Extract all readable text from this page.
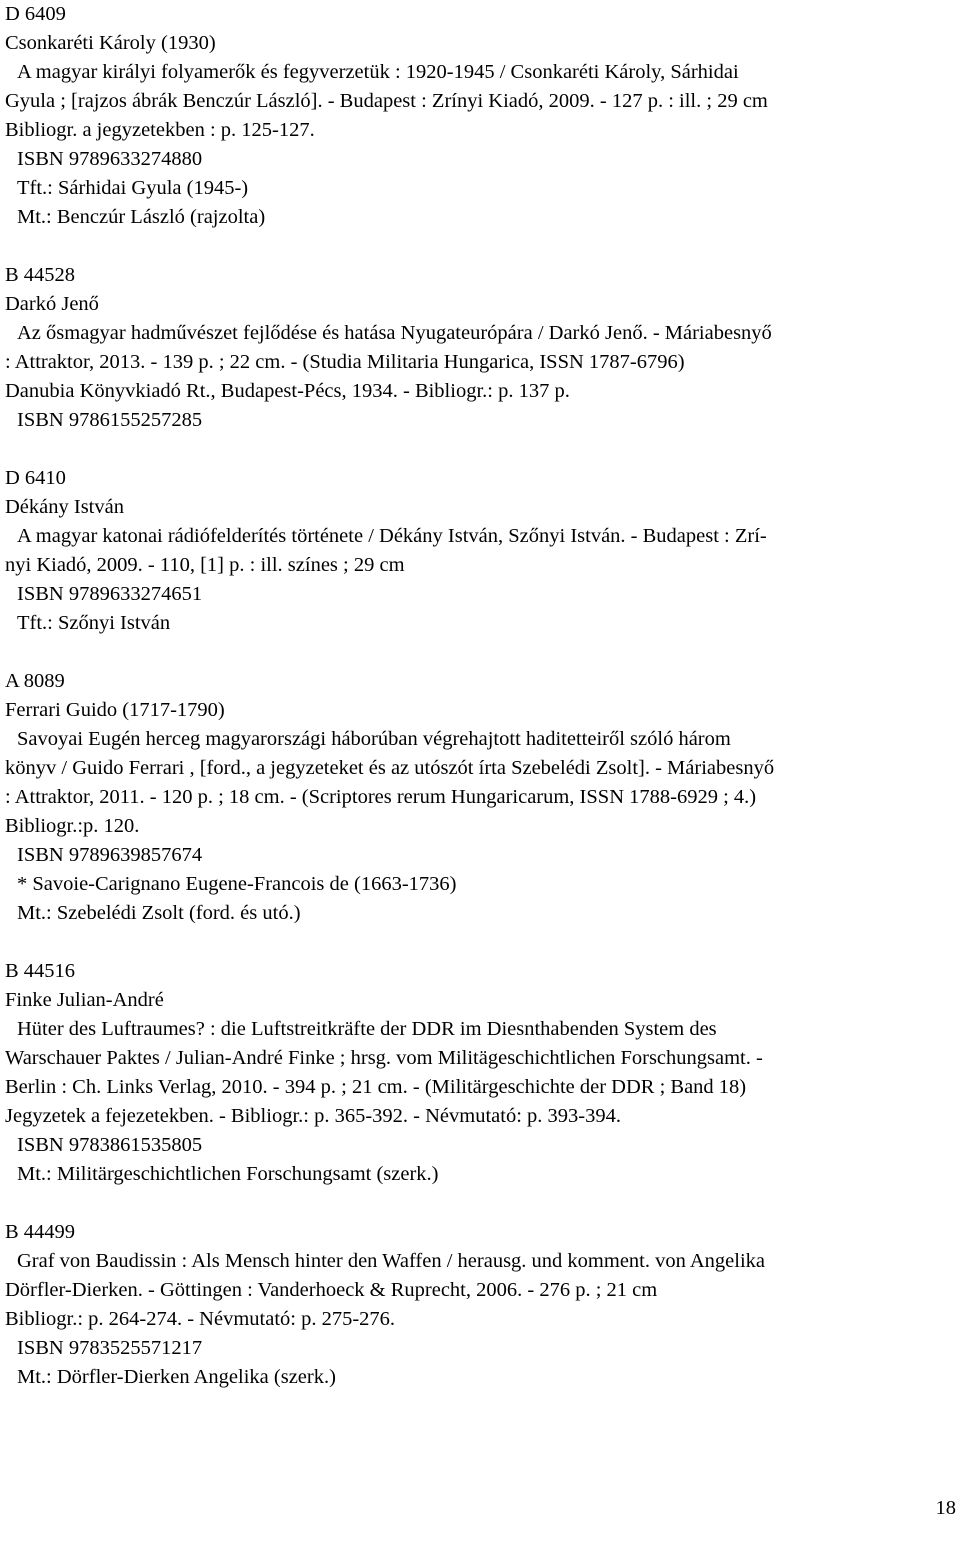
D 6409
Csonkaréti Károly (1930)
A magyar királyi folyamerők és fegyverzetük : 1920-1945 / Csonkaréti Károly, Sárhidai
Gyula ; [rajzos ábrák Benczúr László]. - Budapest : Zrínyi Kiadó, 2009. - 127 p. : ill. ; 29 cm
Bibliogr. a jegyzetekben : p. 125-127.
ISBN 9789633274880
Tft.: Sárhidai Gyula (1945-)
Mt.: Benczúr László (rajzolta)
B 44528
Darkó Jenő
Az ősmagyar hadművészet fejlődése és hatása Nyugateurópára / Darkó Jenő. - Máriabesnyő
: Attraktor, 2013. - 139 p. ; 22 cm. - (Studia Militaria Hungarica, ISSN 1787-6796)
Danubia Könyvkiadó Rt., Budapest-Pécs, 1934. - Bibliogr.: p. 137 p.
ISBN 9786155257285
D 6410
Dékány István
A magyar katonai rádiófelderítés története / Dékány István, Szőnyi István. - Budapest : Zrí-
nyi Kiadó, 2009. - 110, [1] p. : ill. színes ; 29 cm
ISBN 9789633274651
Tft.: Szőnyi István
A 8089
Ferrari Guido (1717-1790)
Savoyai Eugén herceg magyarországi háborúban végrehajtott haditetteiről szóló három
könyv / Guido Ferrari , [ford., a jegyzeteket és az utószót írta Szebelédi Zsolt]. - Máriabesnyő
: Attraktor, 2011. - 120 p. ; 18 cm. - (Scriptores rerum Hungaricarum, ISSN 1788-6929 ; 4.)
Bibliogr.:p. 120.
ISBN 9789639857674
* Savoie-Carignano Eugene-Francois de (1663-1736)
Mt.: Szebelédi Zsolt (ford. és utó.)
B 44516
Finke Julian-André
Hüter des Luftraumes? : die Luftstreitkräfte der DDR im Diesnthabenden System des
Warschauer Paktes / Julian-André Finke ; hrsg. vom Militägeschichtlichen Forschungsamt. -
Berlin : Ch. Links Verlag, 2010. - 394 p. ; 21 cm. - (Militärgeschichte der DDR ; Band 18)
Jegyzetek a fejezetekben. - Bibliogr.: p. 365-392. - Névmutató: p. 393-394.
ISBN 9783861535805
Mt.: Militärgeschichtlichen Forschungsamt (szerk.)
B 44499
Graf von Baudissin : Als Mensch hinter den Waffen / herausg. und komment. von Angelika
Dörfler-Dierken. - Göttingen : Vanderhoeck & Ruprecht, 2006. - 276 p. ; 21 cm
Bibliogr.: p. 264-274. - Névmutató: p. 275-276.
ISBN 9783525571217
Mt.: Dörfler-Dierken Angelika (szerk.)
18
